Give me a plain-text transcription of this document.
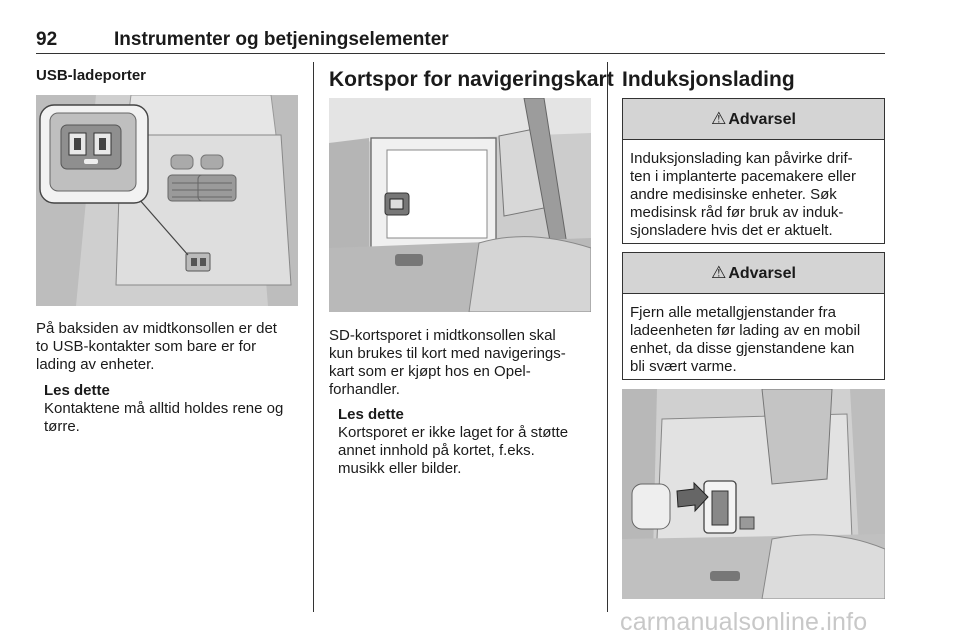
92	Instrumenter og betjeningselementer
USB-ladeporter
På baksiden av midtkonsollen er det
to USB-kontakter som bare er for
lading av enheter.
Les dette
Kontaktene må alltid holdes rene og
tørre.
Kortspor for navigeringskart
SD-kortsporet i midtkonsollen skal
kun brukes til kort med navigerings-
kart som er kjøpt hos en Opel-
forhandler.
Les dette
Kortsporet er ikke laget for å støtte
annet innhold på kortet, f.eks.
musikk eller bilder.
Induksjonslading
⚠ Advarsel
Induksjonslading kan påvirke drif-
ten i implanterte pacemakere eller
andre medisinske enheter. Søk
medisinsk råd før bruk av induk-
sjonsladere hvis det er aktuelt.
⚠ Advarsel
Fjern alle metallgjenstander fra
ladeenheten før lading av en mobil
enhet, da disse gjenstandene kan
bli svært varme.
carmanualsonline.info
